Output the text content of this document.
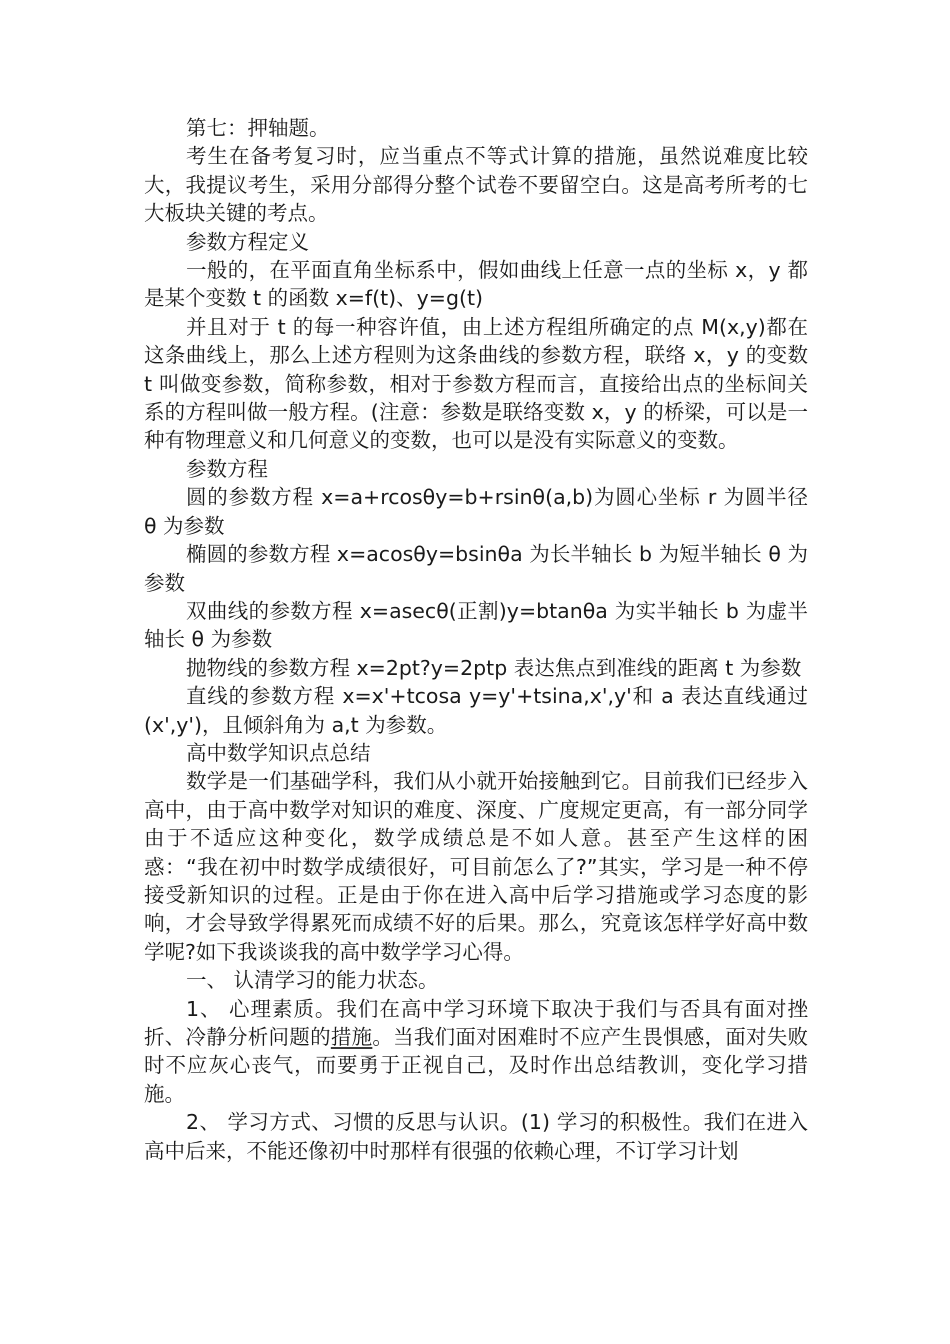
第七：押轴题。

考生在备考复习时，应当重点不等式计算的措施，虽然说难度比较大，我提议考生，采用分部得分整个试卷不要留空白。这是高考所考的七大板块关键的考点。

参数方程定义

一般的，在平面直角坐标系中，假如曲线上任意一点的坐标 x，y 都是某个变数 t 的函数 x=f(t)、y=g(t)

并且对于 t 的每一种容许值，由上述方程组所确定的点 M(x,y)都在这条曲线上，那么上述方程则为这条曲线的参数方程，联络 x，y 的变数 t 叫做变参数，简称参数，相对于参数方程而言，直接给出点的坐标间关系的方程叫做一般方程。(注意：参数是联络变数 x，y 的桥梁，可以是一种有物理意义和几何意义的变数，也可以是没有实际意义的变数。

参数方程

圆的参数方程 x=a+rcosθy=b+rsinθ(a,b)为圆心坐标 r 为圆半径 θ 为参数

椭圆的参数方程 x=acosθy=bsinθa 为长半轴长 b 为短半轴长 θ 为参数

双曲线的参数方程 x=asecθ(正割)y=btanθa 为实半轴长 b 为虚半轴长 θ 为参数

抛物线的参数方程 x=2pt?y=2ptp 表达焦点到准线的距离 t 为参数

直线的参数方程 x=x'+tcosa y=y'+tsina,x',y'和 a 表达直线通过(x',y')，且倾斜角为 a,t 为参数。

高中数学知识点总结

数学是一们基础学科，我们从小就开始接触到它。目前我们已经步入高中，由于高中数学对知识的难度、深度、广度规定更高，有一部分同学由于不适应这种变化，数学成绩总是不如人意。甚至产生这样的困惑：“我在初中时数学成绩很好，可目前怎么了?”其实，学习是一种不停接受新知识的过程。正是由于你在进入高中后学习措施或学习态度的影响，才会导致学得累死而成绩不好的后果。那么，究竟该怎样学好高中数学呢?如下我谈谈我的高中数学学习心得。

一、 认清学习的能力状态。

1、 心理素质。我们在高中学习环境下取决于我们与否具有面对挫折、冷静分析问题的措施。当我们面对困难时不应产生畏惧感，面对失败时不应灰心丧气，而要勇于正视自己，及时作出总结教训，变化学习措施。

2、 学习方式、习惯的反思与认识。(1) 学习的积极性。我们在进入高中后来，不能还像初中时那样有很强的依赖心理，不订学习计划
